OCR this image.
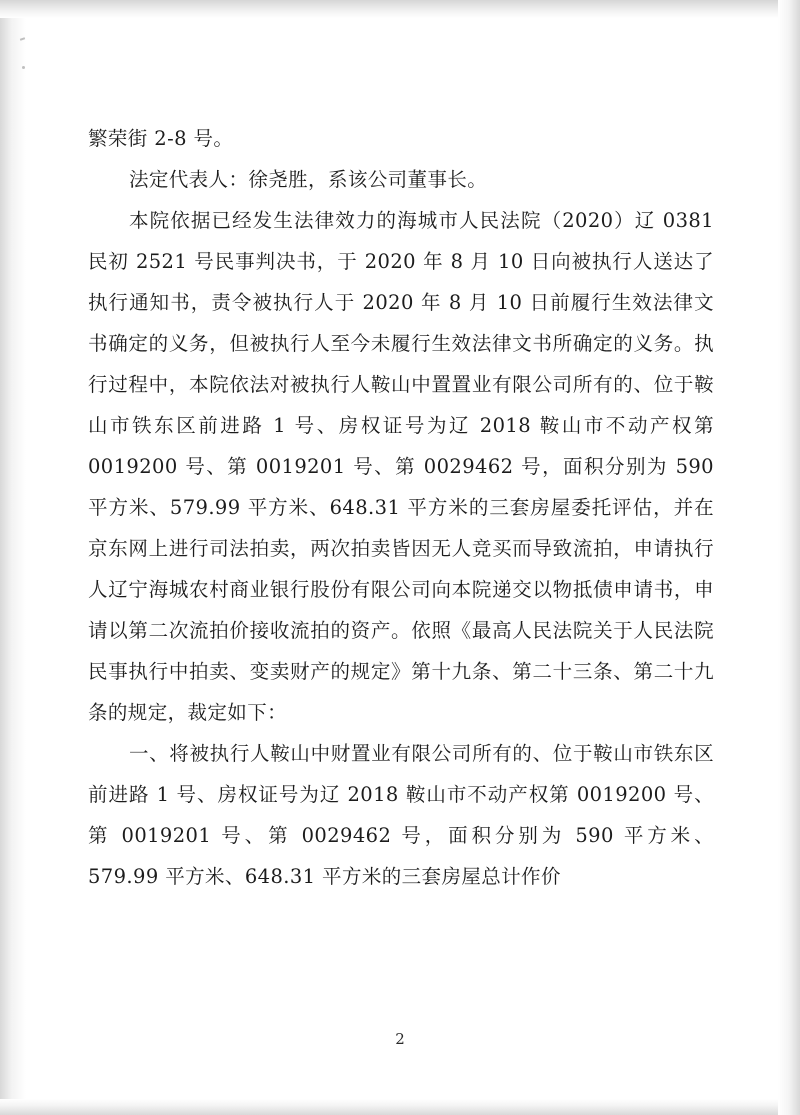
繁荣街 2-8 号。

法定代表人：徐尧胜，系该公司董事长。

本院依据已经发生法律效力的海城市人民法院（2020）辽 0381 民初 2521 号民事判决书，于 2020 年 8 月 10 日向被执行人送达了执行通知书，责令被执行人于 2020 年 8 月 10 日前履行生效法律文书确定的义务，但被执行人至今未履行生效法律文书所确定的义务。执行过程中，本院依法对被执行人鞍山中置置业有限公司所有的、位于鞍山市铁东区前进路 1 号、房权证号为辽 2018 鞍山市不动产权第 0019200 号、第 0019201 号、第 0029462 号，面积分别为 590 平方米、579.99 平方米、648.31 平方米的三套房屋委托评估，并在京东网上进行司法拍卖，两次拍卖皆因无人竞买而导致流拍，申请执行人辽宁海城农村商业银行股份有限公司向本院递交以物抵债申请书，申请以第二次流拍价接收流拍的资产。依照《最高人民法院关于人民法院民事执行中拍卖、变卖财产的规定》第十九条、第二十三条、第二十九条的规定，裁定如下：

一、将被执行人鞍山中财置业有限公司所有的、位于鞍山市铁东区前进路 1 号、房权证号为辽 2018 鞍山市不动产权第 0019200 号、第 0019201 号、第 0029462 号，面积分别为 590 平方米、579.99 平方米、648.31 平方米的三套房屋总计作价

2
